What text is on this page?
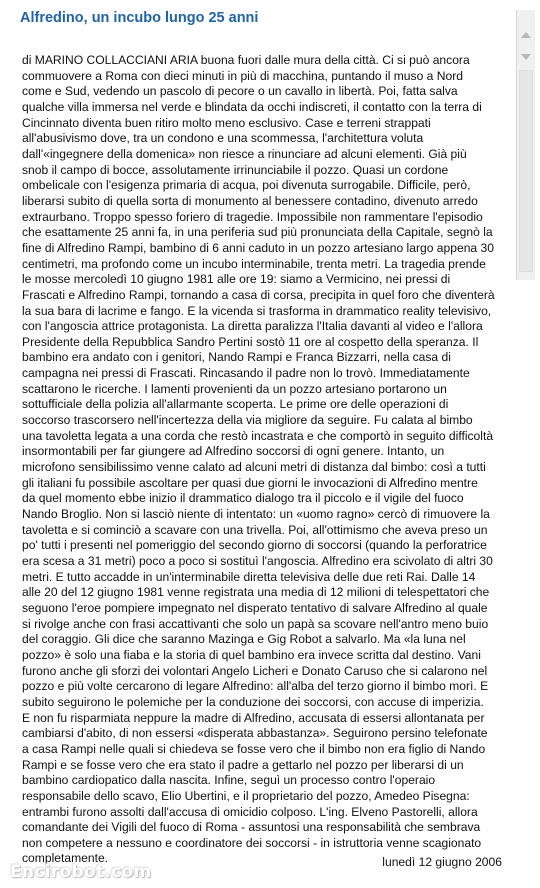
Alfredino, un incubo lungo 25 anni

di MARINO COLLACCIANI ARIA buona fuori dalle mura della città. Ci si può ancora
commuovere a Roma con dieci minuti in più di macchina, puntando il muso a Nord
come e Sud, vedendo un pascolo di pecore o un cavallo in libertà. Poi, fatta salva
qualche villa immersa nel verde e blindata da occhi indiscreti, il contatto con la terra di
Cincinnato diventa buen ritiro molto meno esclusivo. Case e terreni strappati
all'abusivismo dove, tra un condono e una scommessa, l'architettura voluta
dall'«ingegnere della domenica» non riesce a rinunciare ad alcuni elementi. Già più
snob il campo di bocce, assolutamente irrinunciabile il pozzo. Quasi un cordone
ombelicale con l'esigenza primaria di acqua, poi divenuta surrogabile. Difficile, però,
liberarsi subito di quella sorta di monumento al benessere contadino, divenuto arredo
extraurbano. Troppo spesso foriero di tragedie. Impossibile non rammentare l'episodio
che esattamente 25 anni fa, in una periferia sud più pronunciata della Capitale, segnò la
fine di Alfredino Rampi, bambino di 6 anni caduto in un pozzo artesiano largo appena 30
centimetri, ma profondo come un incubo interminabile, trenta metri. La tragedia prende
le mosse mercoledì 10 giugno 1981 alle ore 19: siamo a Vermicino, nei pressi di
Frascati e Alfredino Rampi, tornando a casa di corsa, precipita in quel foro che diventerà
la sua bara di lacrime e fango. E la vicenda si trasforma in drammatico reality televisivo,
con l'angoscia attrice protagonista. La diretta paralizza l'Italia davanti al video e l'allora
Presidente della Repubblica Sandro Pertini sostò 11 ore al cospetto della speranza. Il
bambino era andato con i genitori, Nando Rampi e Franca Bizzarri, nella casa di
campagna nei pressi di Frascati. Rincasando il padre non lo trovò. Immediatamente
scattarono le ricerche. I lamenti provenienti da un pozzo artesiano portarono un
sottufficiale della polizia all'allarmante scoperta. Le prime ore delle operazioni di
soccorso trascorsero nell'incertezza della via migliore da seguire. Fu calata al bimbo
una tavoletta legata a una corda che restò incastrata e che comportò in seguito difficoltà
insormontabili per far giungere ad Alfredino soccorsi di ogni genere. Intanto, un
microfono sensibilissimo venne calato ad alcuni metri di distanza dal bimbo: così a tutti
gli italiani fu possibile ascoltare per quasi due giorni le invocazioni di Alfredino mentre
da quel momento ebbe inizio il drammatico dialogo tra il piccolo e il vigile del fuoco
Nando Broglio. Non si lasciò niente di intentato: un «uomo ragno» cercò di rimuovere la
tavoletta e si cominciò a scavare con una trivella. Poi, all'ottimismo che aveva preso un
po' tutti i presenti nel pomeriggio del secondo giorno di soccorsi (quando la perforatrice
era scesa a 31 metri) poco a poco si sostituì l'angoscia. Alfredino era scivolato di altri 30
metri. E tutto accadde in un'interminabile diretta televisiva delle due reti Rai. Dalle 14
alle 20 del 12 giugno 1981 venne registrata una media di 12 milioni di telespettatori che
seguono l'eroe pompiere impegnato nel disperato tentativo di salvare Alfredino al quale
si rivolge anche con frasi accattivanti che solo un papà sa scovare nell'antro meno buio
del coraggio. Gli dice che saranno Mazinga e Gig Robot a salvarlo. Ma «la luna nel
pozzo» è solo una fiaba e la storia di quel bambino era invece scritta dal destino. Vani
furono anche gli sforzi dei volontari Angelo Licheri e Donato Caruso che si calarono nel
pozzo e più volte cercarono di legare Alfredino: all'alba del terzo giorno il bimbo morì. E
subito seguirono le polemiche per la conduzione dei soccorsi, con accuse di imperizia.
E non fu risparmiata neppure la madre di Alfredino, accusata di essersi allontanata per
cambiarsi d'abito, di non essersi «disperata abbastanza». Seguirono persino telefonate
a casa Rampi nelle quali si chiedeva se fosse vero che il bimbo non era figlio di Nando
Rampi e se fosse vero che era stato il padre a gettarlo nel pozzo per liberarsi di un
bambino cardiopatico dalla nascita. Infine, seguì un processo contro l'operaio
responsabile dello scavo, Elio Ubertini, e il proprietario del pozzo, Amedeo Pisegna:
entrambi furono assolti dall'accusa di omicidio colposo. L'ing. Elveno Pastorelli, allora
comandante dei Vigili del fuoco di Roma - assuntosi una responsabilità che sembrava
non competere a nessuno e coordinatore dei soccorsi - in istruttoria venne scagionato
completamente.	lunedì 12 giugno 2006
Encirobot.com
